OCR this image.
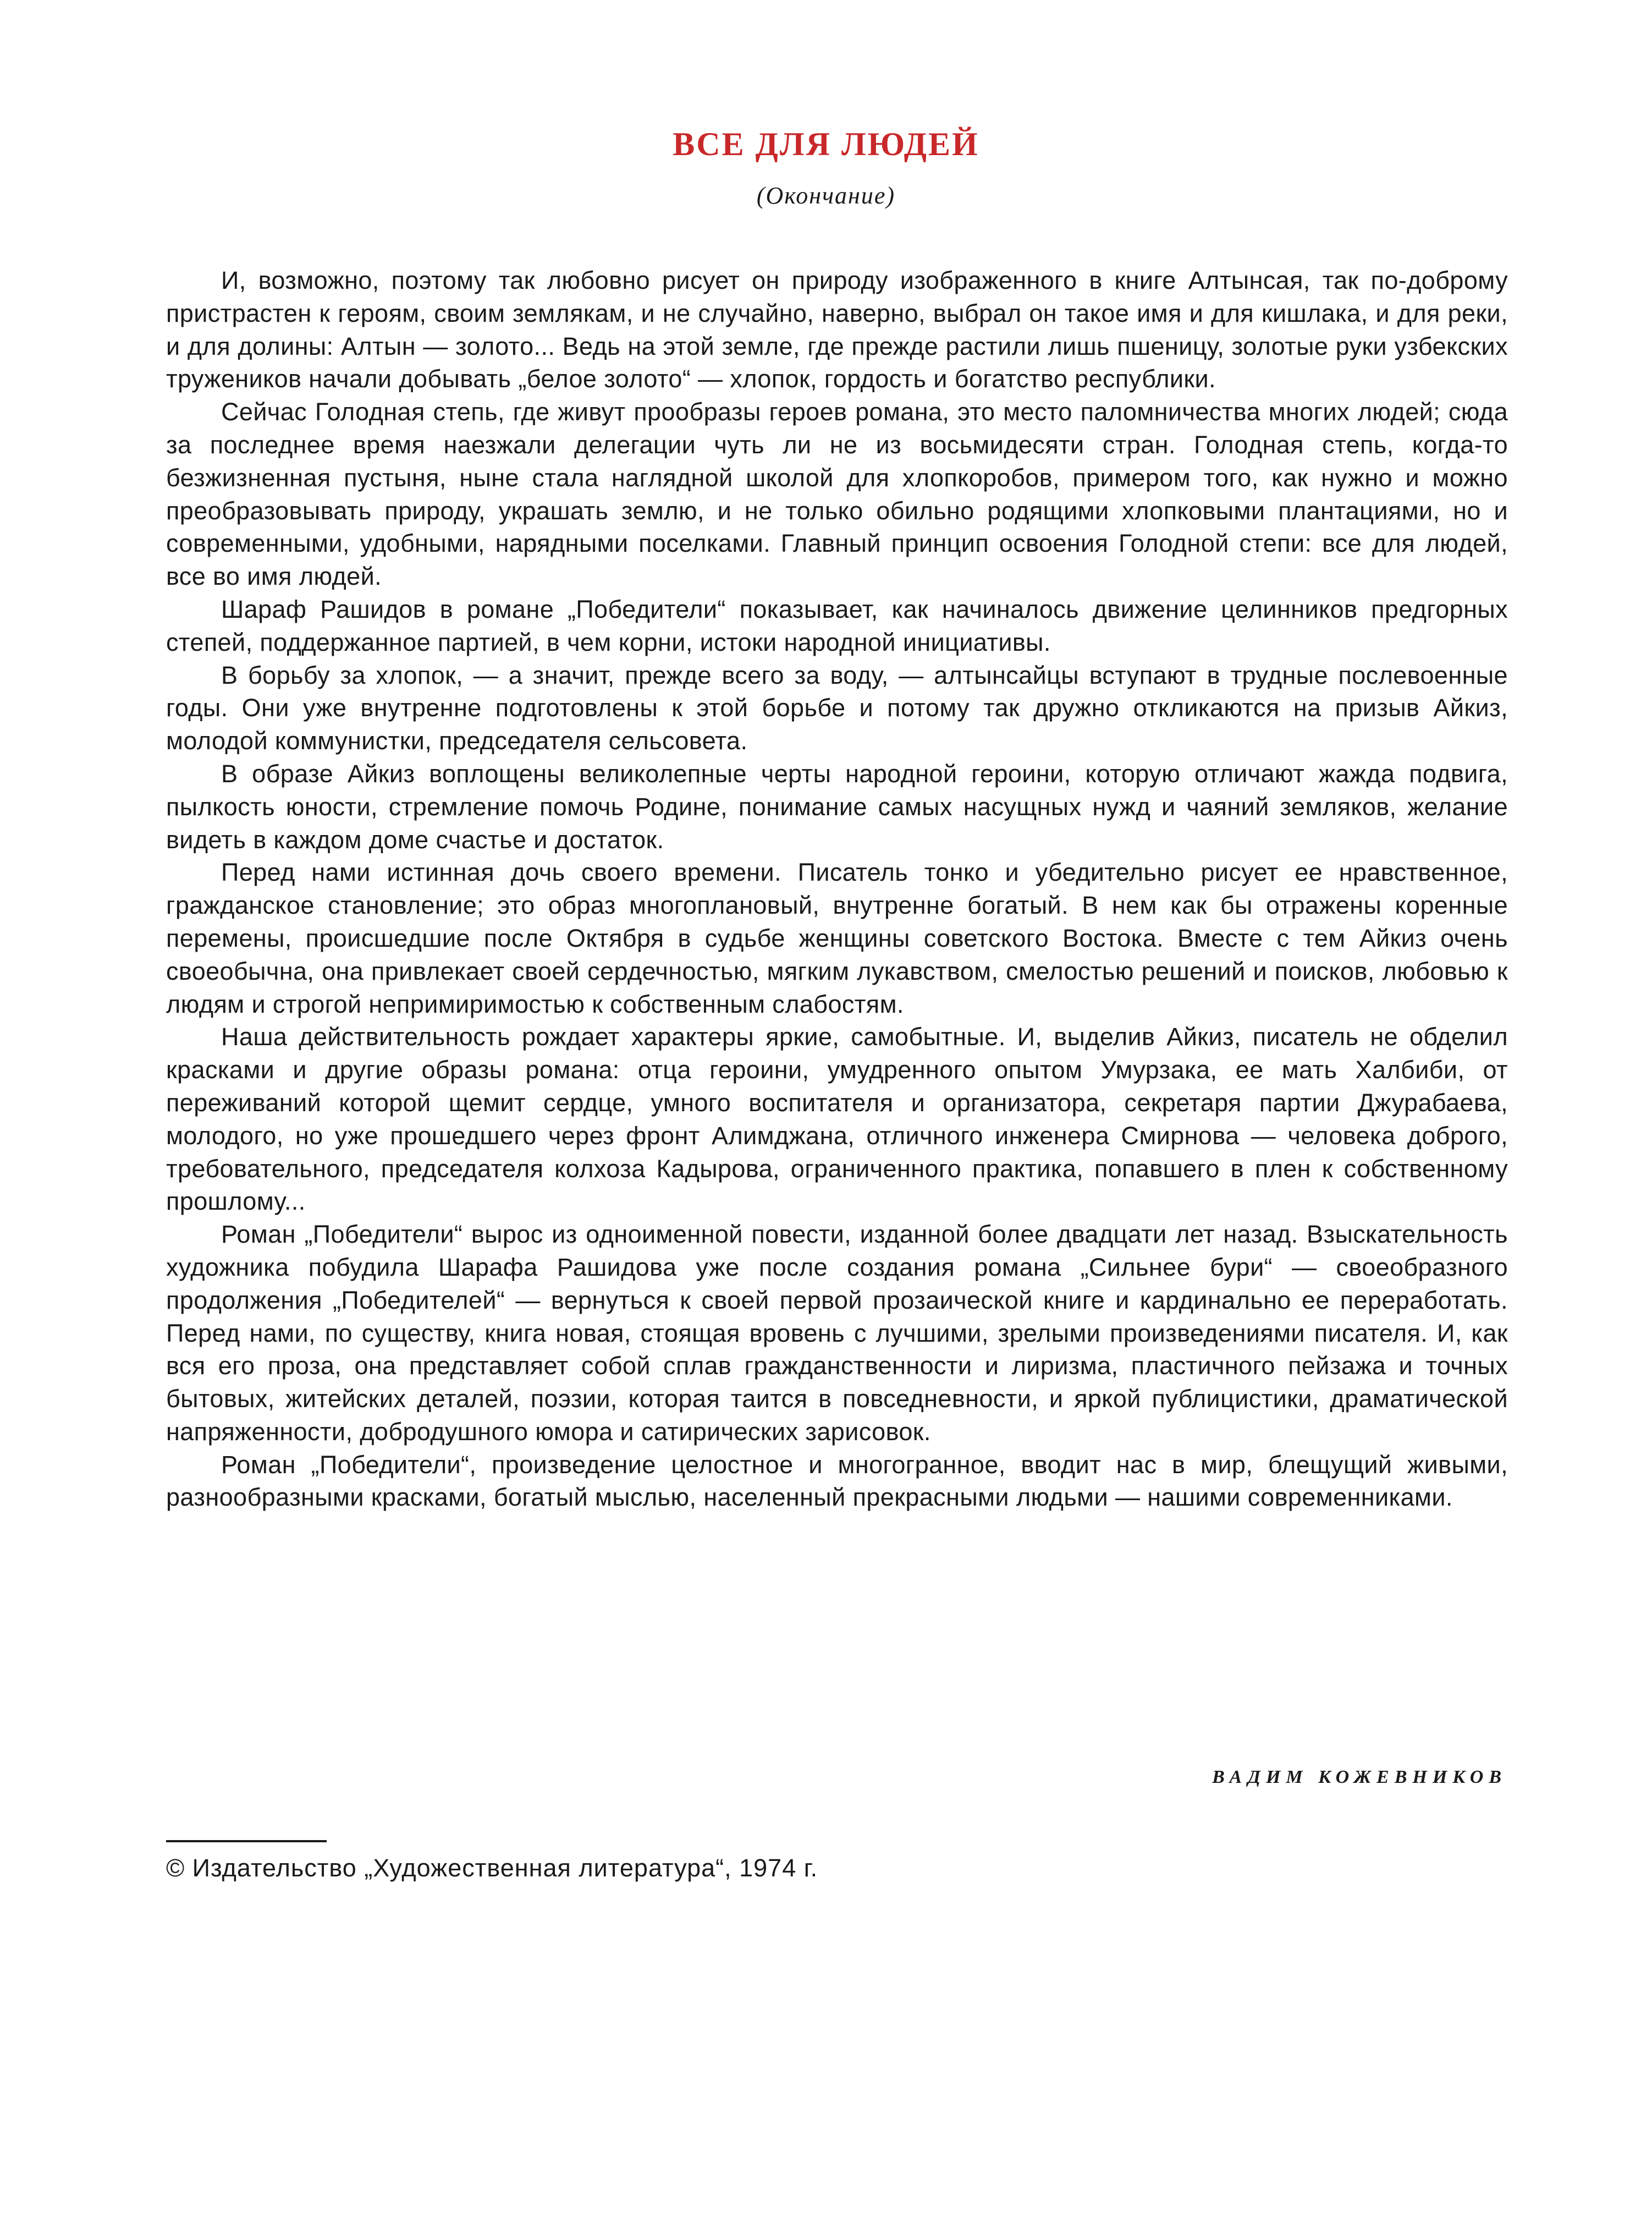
ВСЕ ДЛЯ ЛЮДЕЙ
(Окончание)

И, возможно, поэтому так любовно рисует он природу изображенного в книге Алтынсая, так по-доброму пристрастен к героям, своим землякам, и не случайно, наверно, выбрал он такое имя и для кишлака, и для реки, и для долины: Алтын — золото... Ведь на этой земле, где прежде растили лишь пшеницу, золотые руки узбекских тружеников начали добывать „белое золото“ — хлопок, гордость и богатство республики.

Сейчас Голодная степь, где живут прообразы героев романа, это место паломничества многих людей; сюда за последнее время наезжали делегации чуть ли не из восьмидесяти стран. Голодная степь, когда-то безжизненная пустыня, ныне стала наглядной школой для хлопкоробов, примером того, как нужно и можно преобразовывать природу, украшать землю, и не только обильно родящими хлопковыми плантациями, но и современными, удобными, нарядными поселками. Главный принцип освоения Голодной степи: все для людей, все во имя людей.

Шараф Рашидов в романе „Победители“ показывает, как начиналось движение целинников предгорных степей, поддержанное партией, в чем корни, истоки народной инициативы.

В борьбу за хлопок, — а значит, прежде всего за воду, — алтынсайцы вступают в трудные послевоенные годы. Они уже внутренне подготовлены к этой борьбе и потому так дружно откликаются на призыв Айкиз, молодой коммунистки, председателя сельсовета.

В образе Айкиз воплощены великолепные черты народной героини, которую отличают жажда подвига, пылкость юности, стремление помочь Родине, понимание самых насущных нужд и чаяний земляков, желание видеть в каждом доме счастье и достаток.

Перед нами истинная дочь своего времени. Писатель тонко и убедительно рисует ее нравственное, гражданское становление; это образ многоплановый, внутренне богатый. В нем как бы отражены коренные перемены, происшедшие после Октября в судьбе женщины советского Востока. Вместе с тем Айкиз очень своеобычна, она привлекает своей сердечностью, мягким лукавством, смелостью решений и поисков, любовью к людям и строгой непримиримостью к собственным слабостям.

Наша действительность рождает характеры яркие, самобытные. И, выделив Айкиз, писатель не обделил красками и другие образы романа: отца героини, умудренного опытом Умурзака, ее мать Халбиби, от переживаний которой щемит сердце, умного воспитателя и организатора, секретаря партии Джурабаева, молодого, но уже прошедшего через фронт Алимджана, отличного инженера Смирнова — человека доброго, требовательного, председателя колхоза Кадырова, ограниченного практика, попавшего в плен к собственному прошлому...

Роман „Победители“ вырос из одноименной повести, изданной более двадцати лет назад. Взыскательность художника побудила Шарафа Рашидова уже после создания романа „Сильнее бури“ — своеобразного продолжения „Победителей“ — вернуться к своей первой прозаической книге и кардинально ее переработать. Перед нами, по существу, книга новая, стоящая вровень с лучшими, зрелыми произведениями писателя. И, как вся его проза, она представляет собой сплав гражданственности и лиризма, пластичного пейзажа и точных бытовых, житейских деталей, поэзии, которая таится в повседневности, и яркой публицистики, драматической напряженности, добродушного юмора и сатирических зарисовок.

Роман „Победители“, произведение целостное и многогранное, вводит нас в мир, блещущий живыми, разнообразными красками, богатый мыслью, населенный прекрасными людьми — нашими современниками.

ВАДИМ КОЖЕВНИКОВ
© Издательство „Художественная литература“, 1974 г.
